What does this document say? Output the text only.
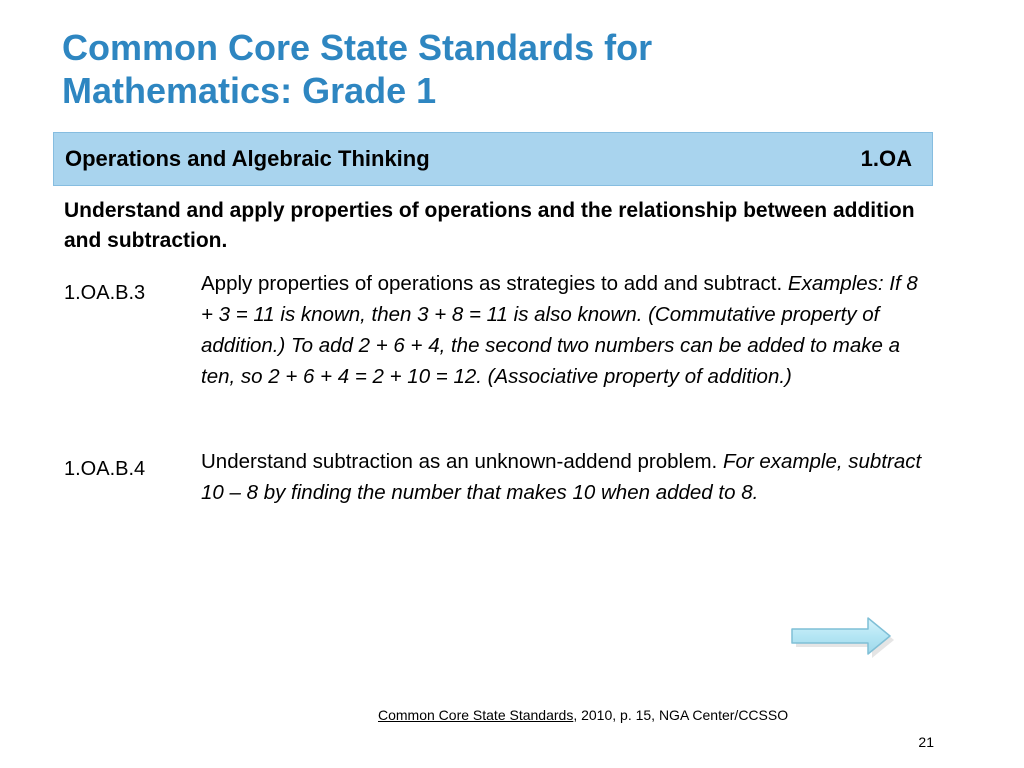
Common Core State Standards for
Mathematics: Grade 1
Operations and Algebraic Thinking	1.OA

Understand and apply properties of operations and the relationship between addition and subtraction.

1.OA.B.3	Apply properties of operations as strategies to add and subtract. Examples: If 8 + 3 = 11 is known, then 3 + 8 = 11 is also known. (Commutative property of addition.) To add 2 + 6 + 4, the second two numbers can be added to make a ten, so 2 + 6 + 4 = 2 + 10 = 12. (Associative property of addition.)

1.OA.B.4	Understand subtraction as an unknown-addend problem. For example, subtract 10 – 8 by finding the number that makes 10 when added to 8.

Common Core State Standards, 2010, p. 15, NGA Center/CCSSO
21
